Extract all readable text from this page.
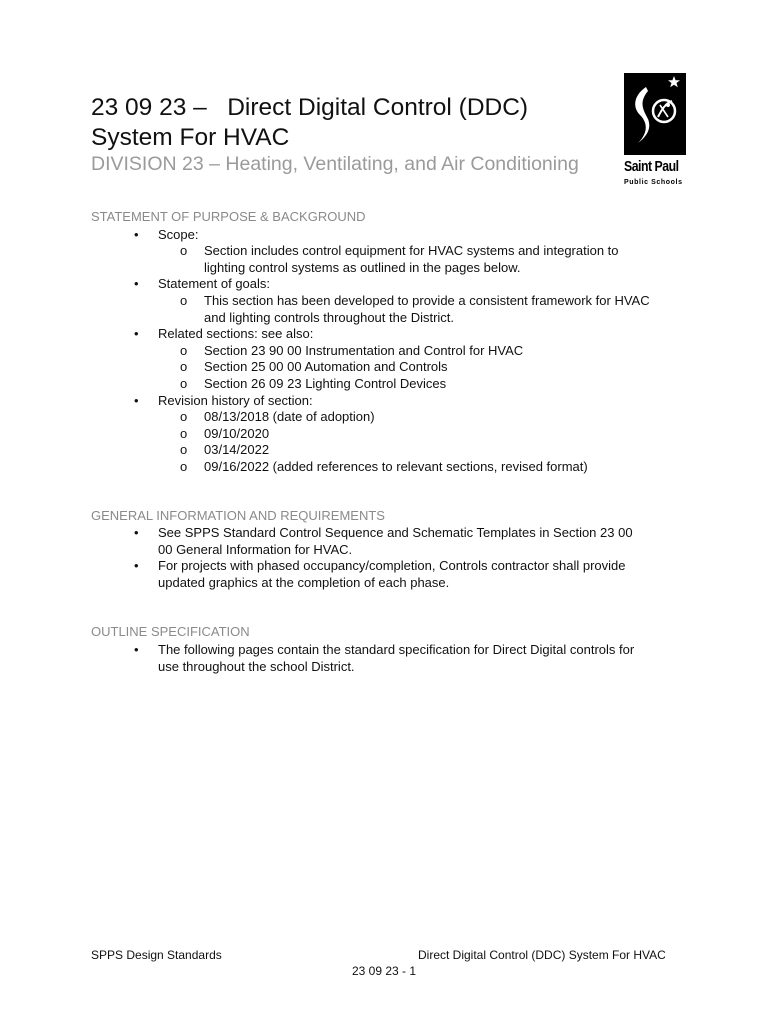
23 09 23 –   Direct Digital Control (DDC)
System For HVAC
DIVISION 23 – Heating, Ventilating, and Air Conditioning	Saint Paul
Public Schools
STATEMENT OF PURPOSE & BACKGROUND
•	Scope:
o	Section includes control equipment for HVAC systems and integration to
lighting control systems as outlined in the pages below.
•	Statement of goals:
o	This section has been developed to provide a consistent framework for HVAC
and lighting controls throughout the District.
•	Related sections: see also:
o	Section 23 90 00 Instrumentation and Control for HVAC
o	Section 25 00 00 Automation and Controls
o	Section 26 09 23 Lighting Control Devices
•	Revision history of section:
o	08/13/2018 (date of adoption)
o	09/10/2020
o	03/14/2022
o	09/16/2022 (added references to relevant sections, revised format)
GENERAL INFORMATION AND REQUIREMENTS
•	See SPPS Standard Control Sequence and Schematic Templates in Section 23 00
00 General Information for HVAC.
•	For projects with phased occupancy/completion, Controls contractor shall provide
updated graphics at the completion of each phase.
OUTLINE SPECIFICATION
•	The following pages contain the standard specification for Direct Digital controls for
use throughout the school District.
SPPS Design Standards	Direct Digital Control (DDC) System For HVAC
23 09 23 - 1
